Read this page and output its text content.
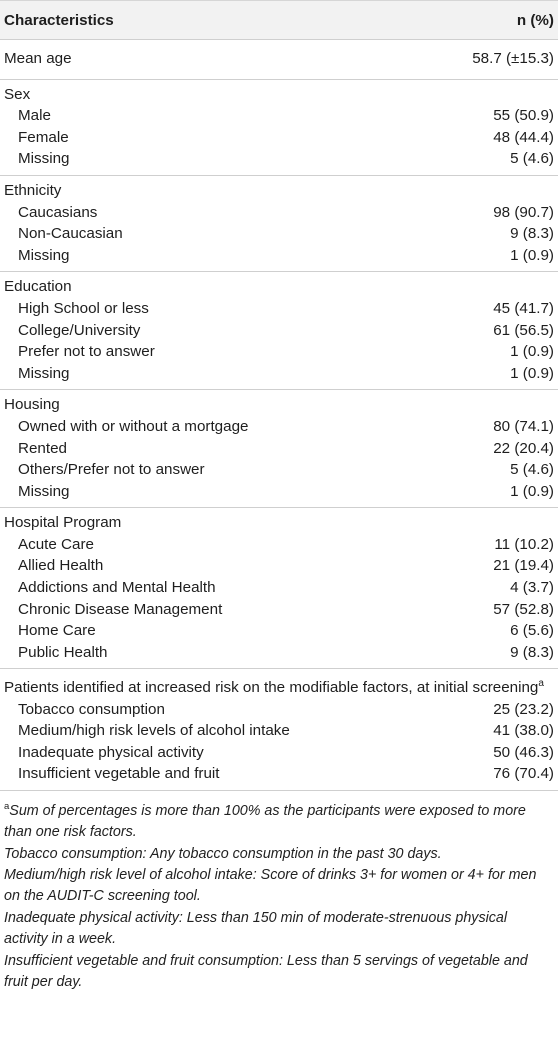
Characteristics	n (%)
Mean age	58.7 (±15.3)
Sex
Male	55 (50.9)
Female	48 (44.4)
Missing	5 (4.6)
Ethnicity
Caucasians	98 (90.7)
Non-Caucasian	9 (8.3)
Missing	1 (0.9)
Education
High School or less	45 (41.7)
College/University	61 (56.5)
Prefer not to answer	1 (0.9)
Missing	1 (0.9)
Housing
Owned with or without a mortgage	80 (74.1)
Rented	22 (20.4)
Others/Prefer not to answer	5 (4.6)
Missing	1 (0.9)
Hospital Program
Acute Care	11 (10.2)
Allied Health	21 (19.4)
Addictions and Mental Health	4 (3.7)
Chronic Disease Management	57 (52.8)
Home Care	6 (5.6)
Public Health	9 (8.3)
Patients identified at increased risk on the modifiable factors, at initial screening$^a$
Tobacco consumption	25 (23.2)
Medium/high risk levels of alcohol intake	41 (38.0)
Inadequate physical activity	50 (46.3)
Insufficient vegetable and fruit	76 (70.4)

$^a$Sum of percentages is more than 100% as the participants were exposed to more than one risk factors.

Tobacco consumption: Any tobacco consumption in the past 30 days.

Medium/high risk level of alcohol intake: Score of drinks 3+ for women or 4+ for men on the AUDIT-C screening tool.

Inadequate physical activity: Less than 150 min of moderate-strenuous physical activity in a week.

Insufficient vegetable and fruit consumption: Less than 5 servings of vegetable and fruit per day.
